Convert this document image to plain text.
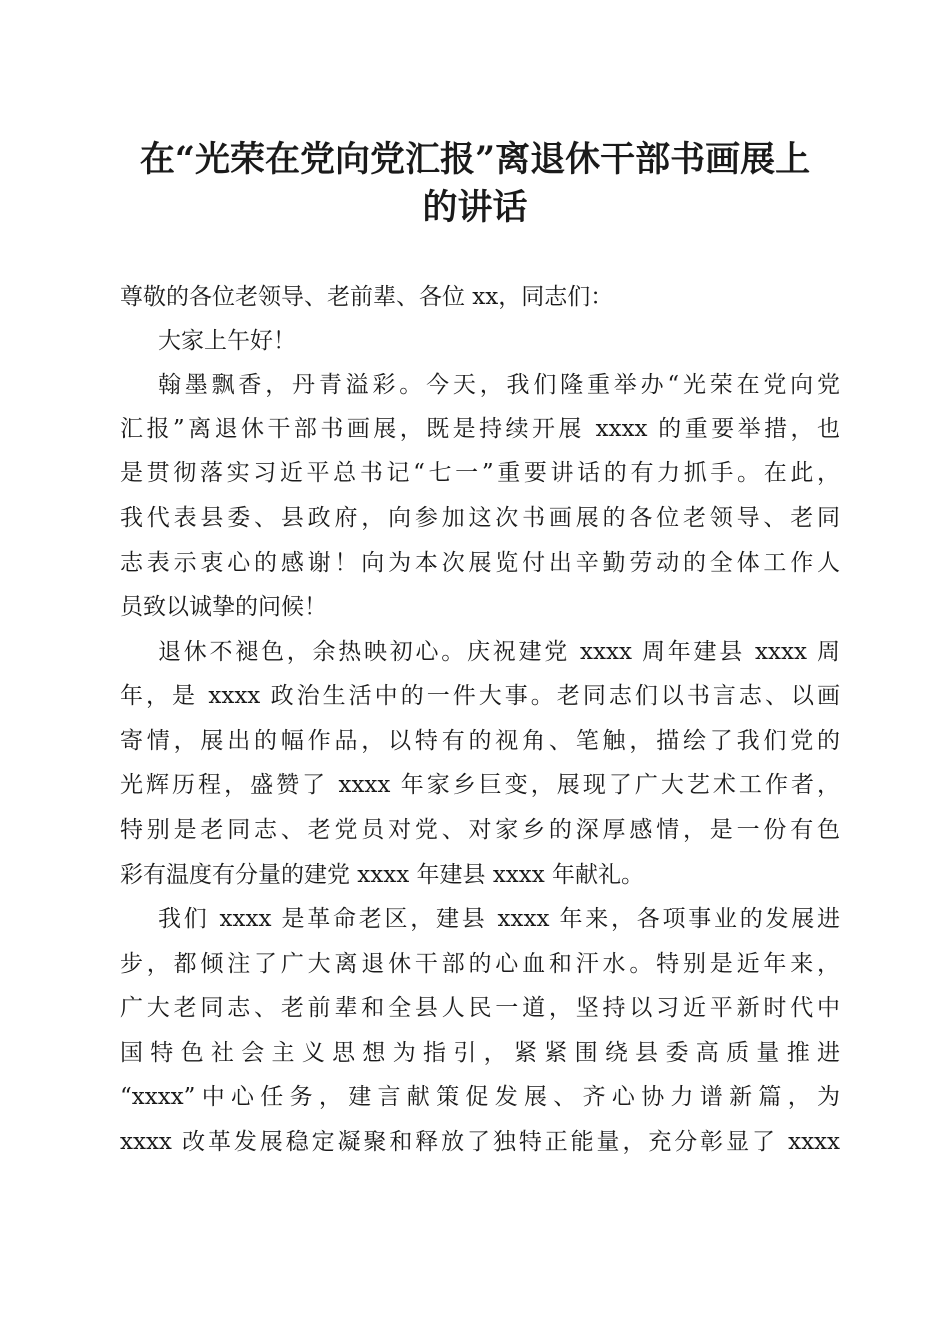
在“光荣在党向党汇报”离退休干部书画展上
的讲话

尊敬的各位老领导、老前辈、各位 xx，同志们：

大家上午好！

翰墨飘香，丹青溢彩。今天，我们隆重举办“光荣在党向党

汇报”离退休干部书画展，既是持续开展 xxxx 的重要举措，也

是贯彻落实习近平总书记“七一”重要讲话的有力抓手。在此，

我代表县委、县政府，向参加这次书画展的各位老领导、老同

志表示衷心的感谢！向为本次展览付出辛勤劳动的全体工作人

员致以诚挚的问候！

退休不褪色，余热映初心。庆祝建党 xxxx 周年建县 xxxx 周

年，是 xxxx 政治生活中的一件大事。老同志们以书言志、以画

寄情，展出的幅作品，以特有的视角、笔触，描绘了我们党的

光辉历程，盛赞了 xxxx 年家乡巨变，展现了广大艺术工作者，

特别是老同志、老党员对党、对家乡的深厚感情，是一份有色

彩有温度有分量的建党 xxxx 年建县 xxxx 年献礼。

我们 xxxx 是革命老区，建县 xxxx 年来，各项事业的发展进

步，都倾注了广大离退休干部的心血和汗水。特别是近年来，

广大老同志、老前辈和全县人民一道，坚持以习近平新时代中

国特色社会主义思想为指引，紧紧围绕县委高质量推进

“xxxx”中心任务，建言献策促发展、齐心协力谱新篇，为

xxxx 改革发展稳定凝聚和释放了独特正能量，充分彰显了 xxxx
